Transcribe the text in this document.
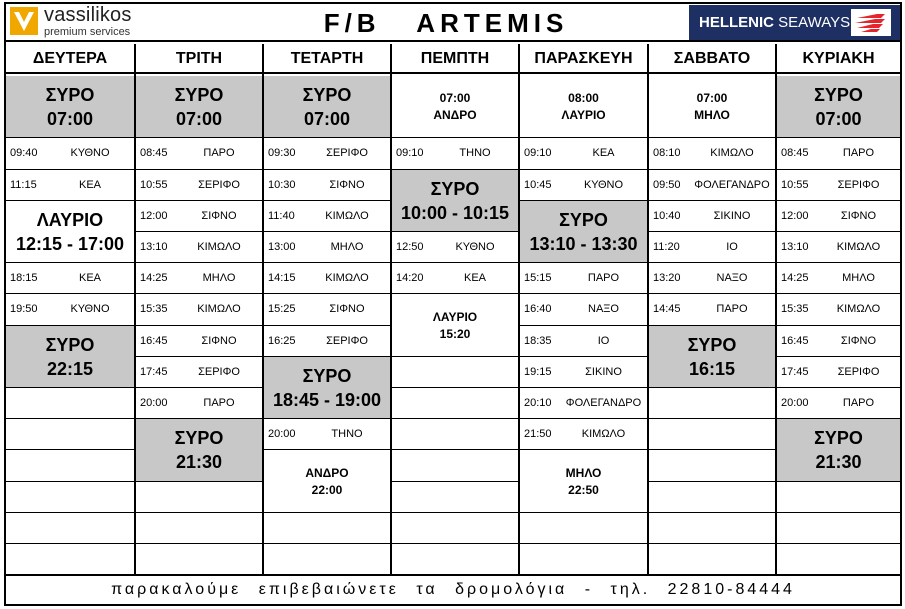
vassilikos
premium services	F/B   ARTEMIS	HELLENIC SEAWAYS
ΔΕΥΤΕΡΑ
ΣΥΡΟ
07:00
09:40	ΚΥΘΝΟ
11:15	ΚΕΑ
ΛΑΥΡΙΟ
12:15 - 17:00
18:15	ΚΕΑ
19:50	ΚΥΘΝΟ
ΣΥΡΟ
22:15
ΤΡΙΤΗ
ΣΥΡΟ
07:00
08:45	ΠΑΡΟ
10:55	ΣΕΡΙΦΟ
12:00	ΣΙΦΝΟ
13:10	ΚΙΜΩΛΟ
14:25	ΜΗΛΟ
15:35	ΚΙΜΩΛΟ
16:45	ΣΙΦΝΟ
17:45	ΣΕΡΙΦΟ
20:00	ΠΑΡΟ
ΣΥΡΟ
21:30
ΤΕΤΑΡΤΗ
ΣΥΡΟ
07:00
09:30	ΣΕΡΙΦΟ
10:30	ΣΙΦΝΟ
11:40	ΚΙΜΩΛΟ
13:00	ΜΗΛΟ
14:15	ΚΙΜΩΛΟ
15:25	ΣΙΦΝΟ
16:25	ΣΕΡΙΦΟ
ΣΥΡΟ
18:45 - 19:00
20:00	ΤΗΝΟ
ΑΝΔΡΟ
22:00
ΠΕΜΠΤΗ
07:00
ΑΝΔΡΟ
09:10	ΤΗΝΟ
ΣΥΡΟ
10:00 - 10:15
12:50	ΚΥΘΝΟ
14:20	ΚΕΑ
ΛΑΥΡΙΟ
15:20
ΠΑΡΑΣΚΕΥΗ
08:00
ΛΑΥΡΙΟ
09:10	ΚΕΑ
10:45	ΚΥΘΝΟ
ΣΥΡΟ
13:10 - 13:30
15:15	ΠΑΡΟ
16:40	ΝΑΞΟ
18:35	ΙΟ
19:15	ΣΙΚΙΝΟ
20:10 ΦΟΛΕΓΑΝΔΡΟ
21:50	ΚΙΜΩΛΟ
ΜΗΛΟ
22:50
ΣΑΒΒΑΤΟ
07:00
ΜΗΛΟ
08:10	ΚΙΜΩΛΟ
09:50 ΦΟΛΕΓΑΝΔΡΟ
10:40	ΣΙΚΙΝΟ
11:20	ΙΟ
13:20	ΝΑΞΟ
14:45	ΠΑΡΟ
ΣΥΡΟ
16:15
ΚΥΡΙΑΚΗ
ΣΥΡΟ
07:00
08:45	ΠΑΡΟ
10:55	ΣΕΡΙΦΟ
12:00	ΣΙΦΝΟ
13:10	ΚΙΜΩΛΟ
14:25	ΜΗΛΟ
15:35	ΚΙΜΩΛΟ
16:45	ΣΙΦΝΟ
17:45	ΣΕΡΙΦΟ
20:00	ΠΑΡΟ
ΣΥΡΟ
21:30
παρακαλούμε επιβεβαιώνετε τα δρομολόγια - τηλ. 22810-84444
